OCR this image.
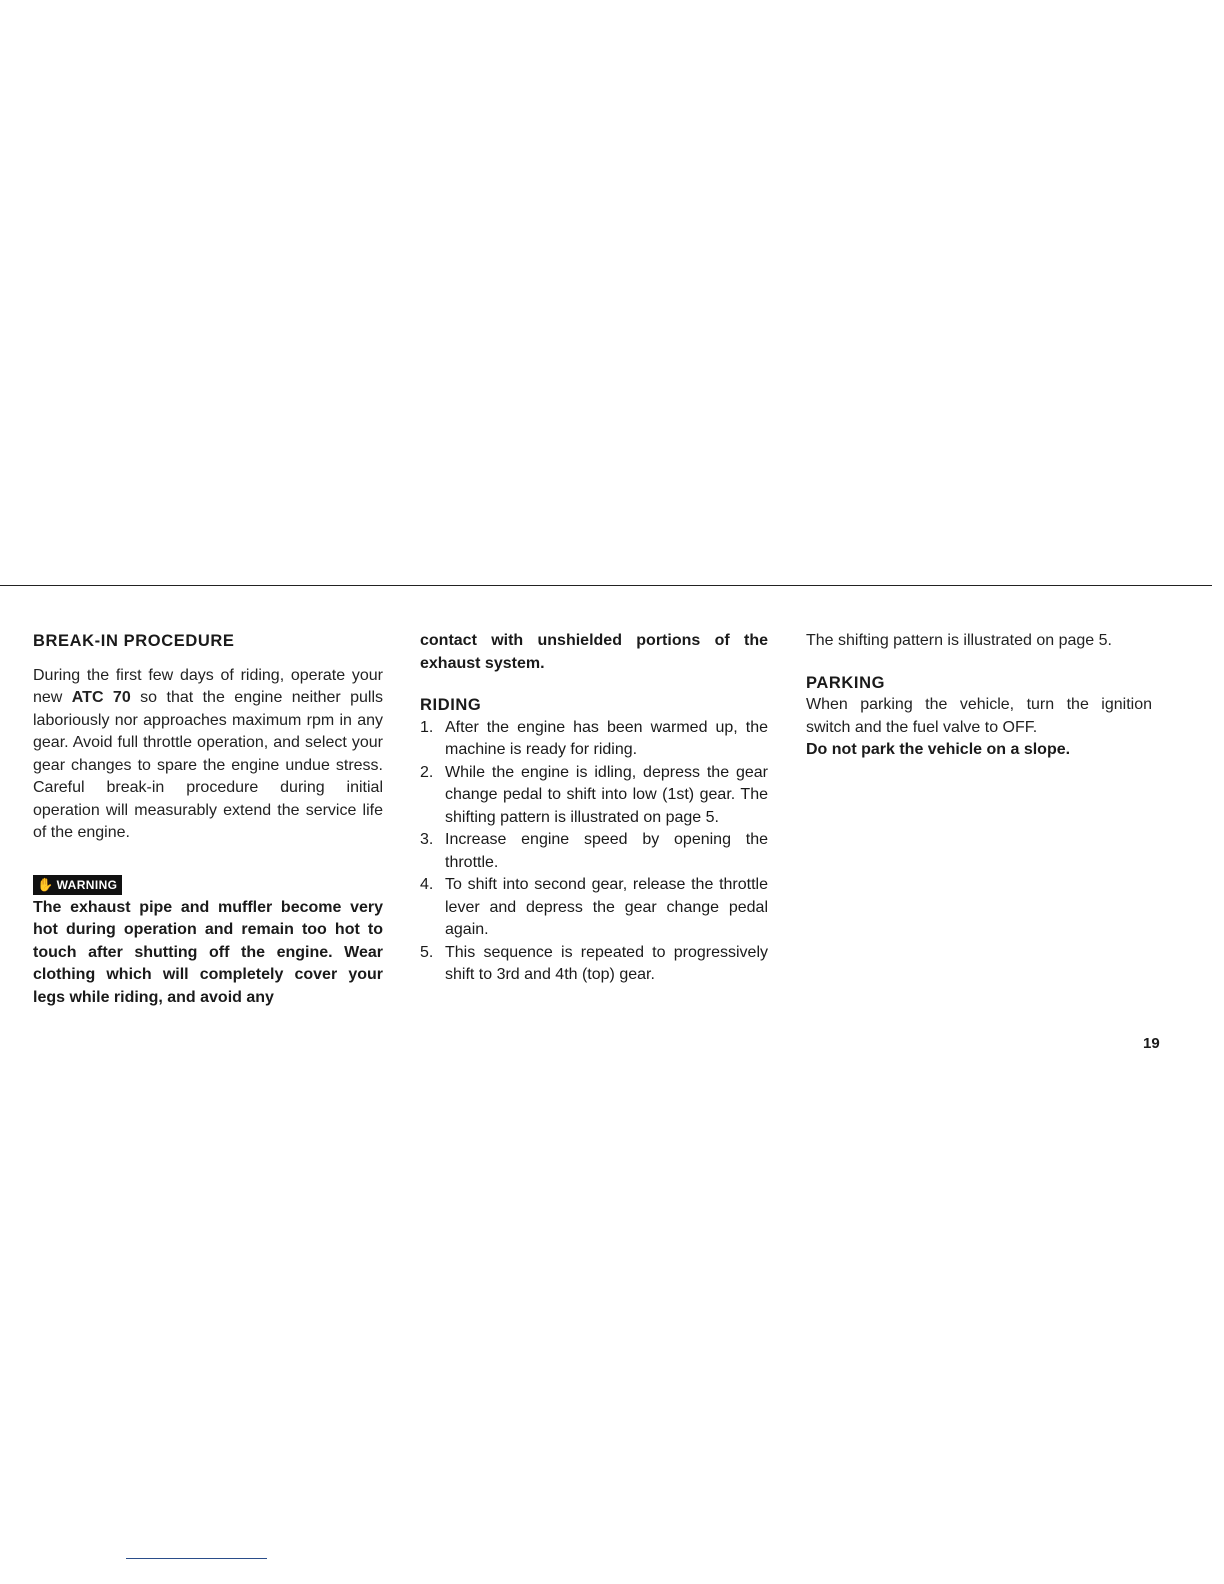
BREAK-IN PROCEDURE

During the first few days of riding, operate your new ATC 70 so that the engine neither pulls laboriously nor approaches maximum rpm in any gear. Avoid full throttle operation, and select your gear changes to spare the engine undue stress. Careful break-in procedure during initial operation will measurably extend the service life of the engine.

✋ WARNING

The exhaust pipe and muffler become very hot during operation and remain too hot to touch after shutting off the engine. Wear clothing which will completely cover your legs while riding, and avoid any

contact with unshielded portions of the exhaust system.

RIDING
1. After the engine has been warmed up, the machine is ready for riding.
2. While the engine is idling, depress the gear change pedal to shift into low (1st) gear. The shifting pattern is illustrated on page 5.
3. Increase engine speed by opening the throttle.
4. To shift into second gear, release the throttle lever and depress the gear change pedal again.
5. This sequence is repeated to progressively shift to 3rd and 4th (top) gear.

The shifting pattern is illustrated on page 5.

PARKING

When parking the vehicle, turn the ignition switch and the fuel valve to OFF.

Do not park the vehicle on a slope.

19
